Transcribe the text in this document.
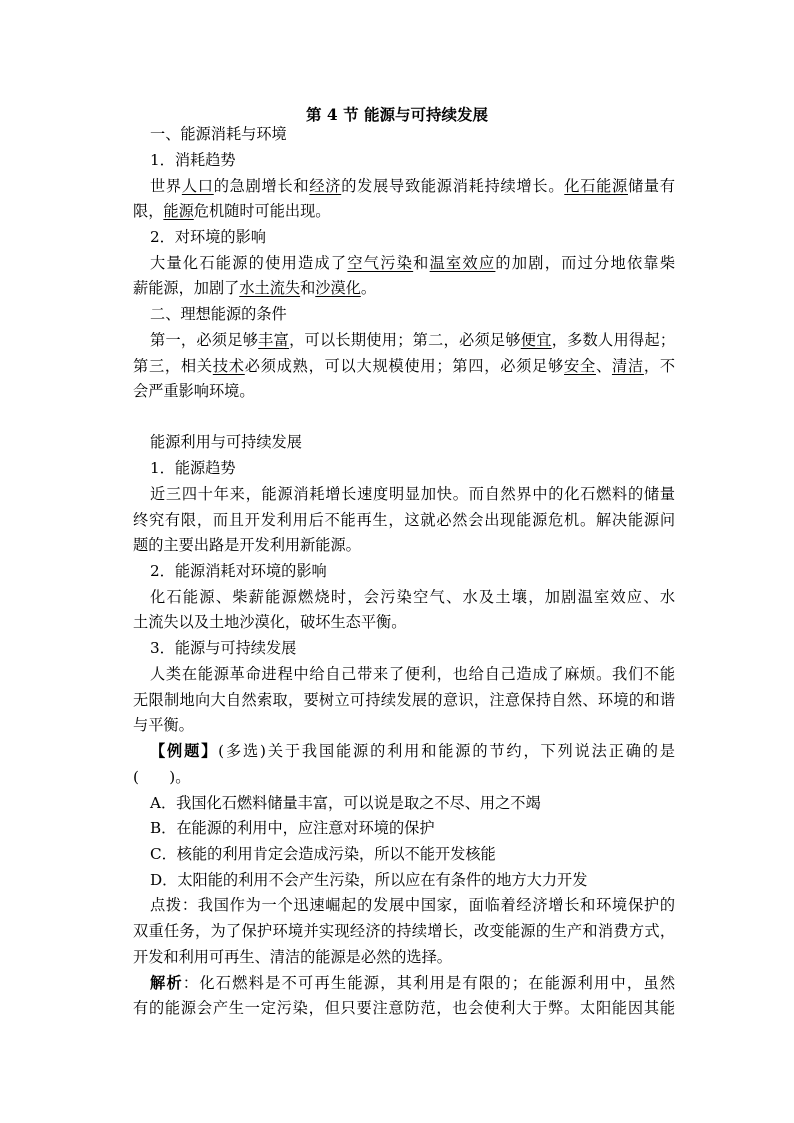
第 4 节 能源与可持续发展
一、能源消耗与环境
1．消耗趋势
世界人口的急剧增长和经济的发展导致能源消耗持续增长。化石能源储量有
限，能源危机随时可能出现。
2．对环境的影响
大量化石能源的使用造成了空气污染和温室效应的加剧，而过分地依靠柴
薪能源，加剧了水土流失和沙漠化。
二、理想能源的条件
第一，必须足够丰富，可以长期使用；第二，必须足够便宜，多数人用得起；
第三，相关技术必须成熟，可以大规模使用；第四，必须足够安全、清洁，不
会严重影响环境。
能源利用与可持续发展
1．能源趋势
近三四十年来，能源消耗增长速度明显加快。而自然界中的化石燃料的储量
终究有限，而且开发利用后不能再生，这就必然会出现能源危机。解决能源问
题的主要出路是开发利用新能源。
2．能源消耗对环境的影响
化石能源、柴薪能源燃烧时，会污染空气、水及土壤，加剧温室效应、水
土流失以及土地沙漠化，破坏生态平衡。
3．能源与可持续发展
人类在能源革命进程中给自己带来了便利，也给自己造成了麻烦。我们不能
无限制地向大自然索取，要树立可持续发展的意识，注意保持自然、环境的和谐
与平衡。
【例题】(多选)关于我国能源的利用和能源的节约，下列说法正确的是
(　　)。
A．我国化石燃料储量丰富，可以说是取之不尽、用之不竭
B．在能源的利用中，应注意对环境的保护
C．核能的利用肯定会造成污染，所以不能开发核能
D．太阳能的利用不会产生污染，所以应在有条件的地方大力开发
点拨：我国作为一个迅速崛起的发展中国家，面临着经济增长和环境保护的
双重任务，为了保护环境并实现经济的持续增长，改变能源的生产和消费方式，
开发和利用可再生、清洁的能源是必然的选择。
解析：化石燃料是不可再生能源，其利用是有限的；在能源利用中，虽然
有的能源会产生一定污染，但只要注意防范，也会使利大于弊。太阳能因其能
